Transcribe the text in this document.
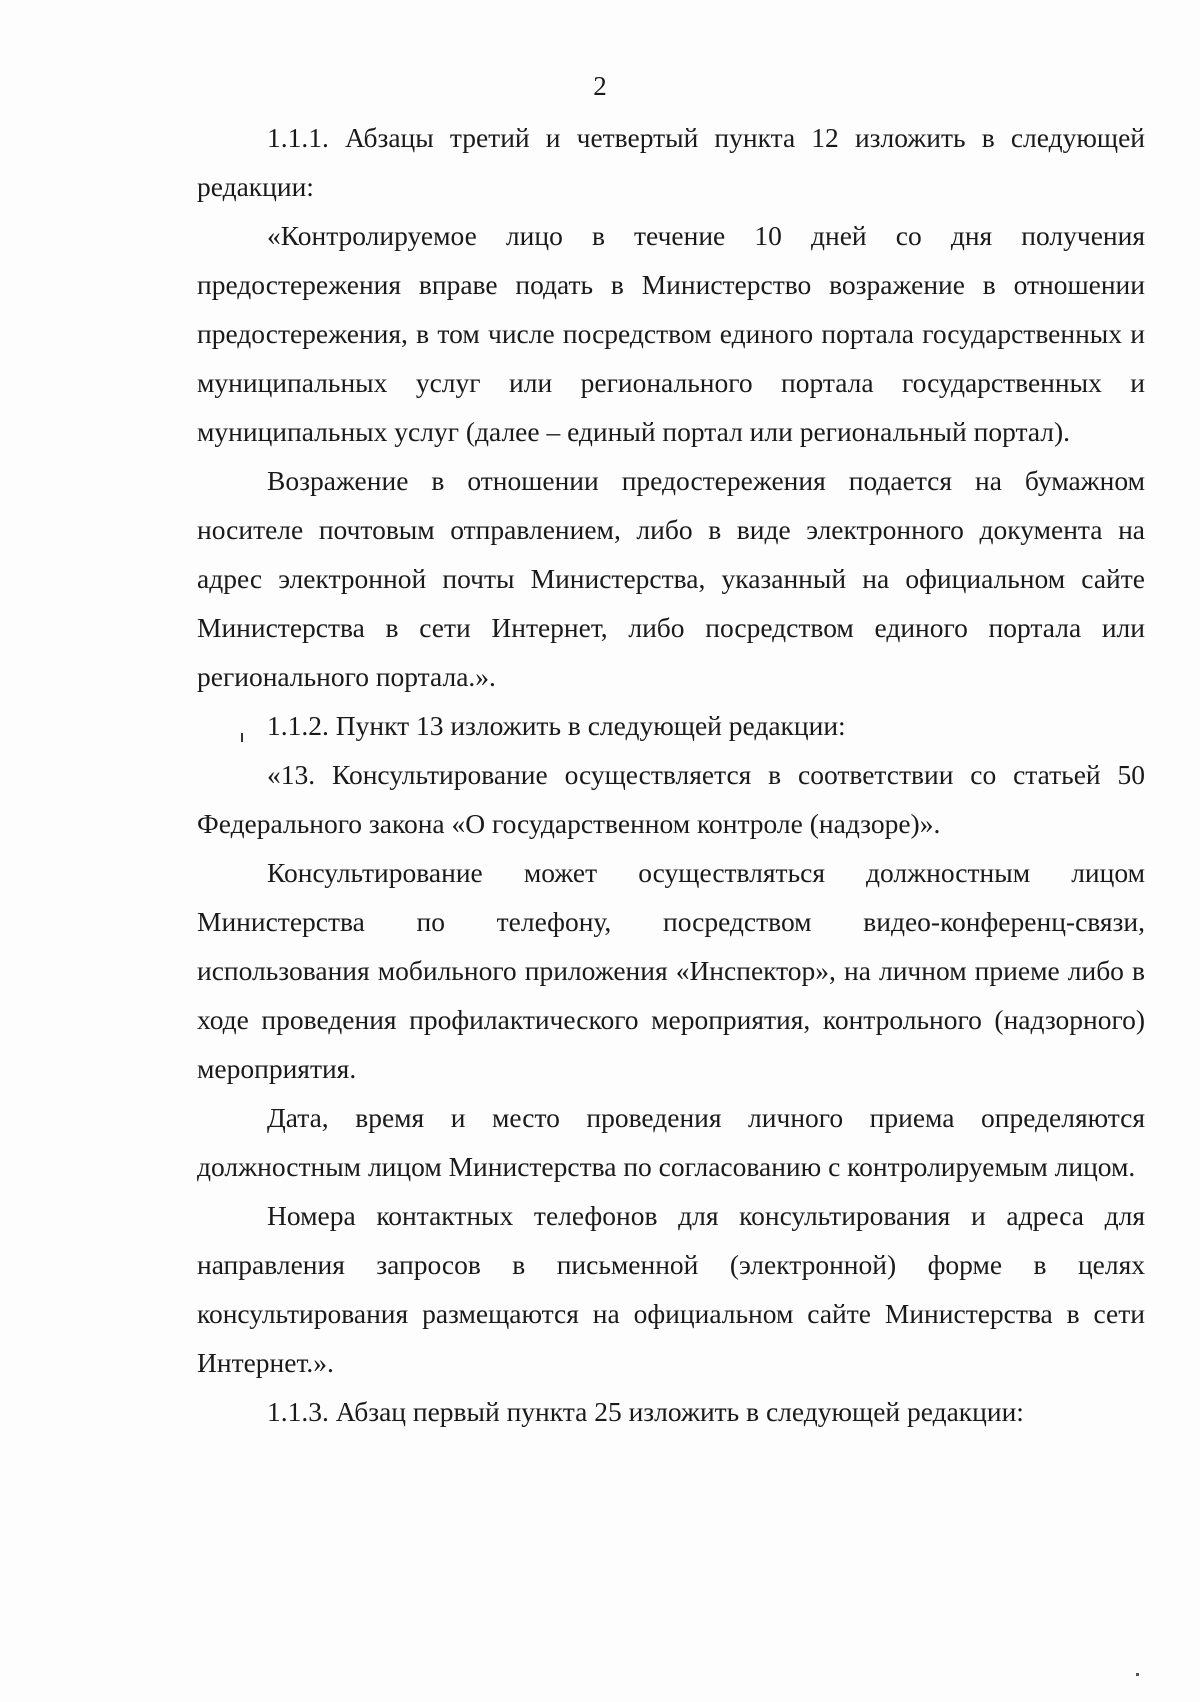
2

1.1.1. Абзацы третий и четвертый пункта 12 изложить в следующей редакции:

«Контролируемое лицо в течение 10 дней со дня получения предостережения вправе подать в Министерство возражение в отношении предостережения, в том числе посредством единого портала государственных и муниципальных услуг или регионального портала государственных и муниципальных услуг (далее – единый портал или региональный портал).

Возражение в отношении предостережения подается на бумажном носителе почтовым отправлением, либо в виде электронного документа на адрес электронной почты Министерства, указанный на официальном сайте Министерства в сети Интернет, либо посредством единого портала или регионального портала.».

1.1.2. Пункт 13 изложить в следующей редакции:

«13. Консультирование осуществляется в соответствии со статьей 50 Федерального закона «О государственном контроле (надзоре)».

Консультирование может осуществляться должностным лицом Министерства по телефону, посредством видео-конференц-связи, использования мобильного приложения «Инспектор», на личном приеме либо в ходе проведения профилактического мероприятия, контрольного (надзорного) мероприятия.

Дата, время и место проведения личного приема определяются должностным лицом Министерства по согласованию с контролируемым лицом.

Номера контактных телефонов для консультирования и адреса для направления запросов в письменной (электронной) форме в целях консультирования размещаются на официальном сайте Министерства в сети Интернет.».

1.1.3. Абзац первый пункта 25 изложить в следующей редакции:
